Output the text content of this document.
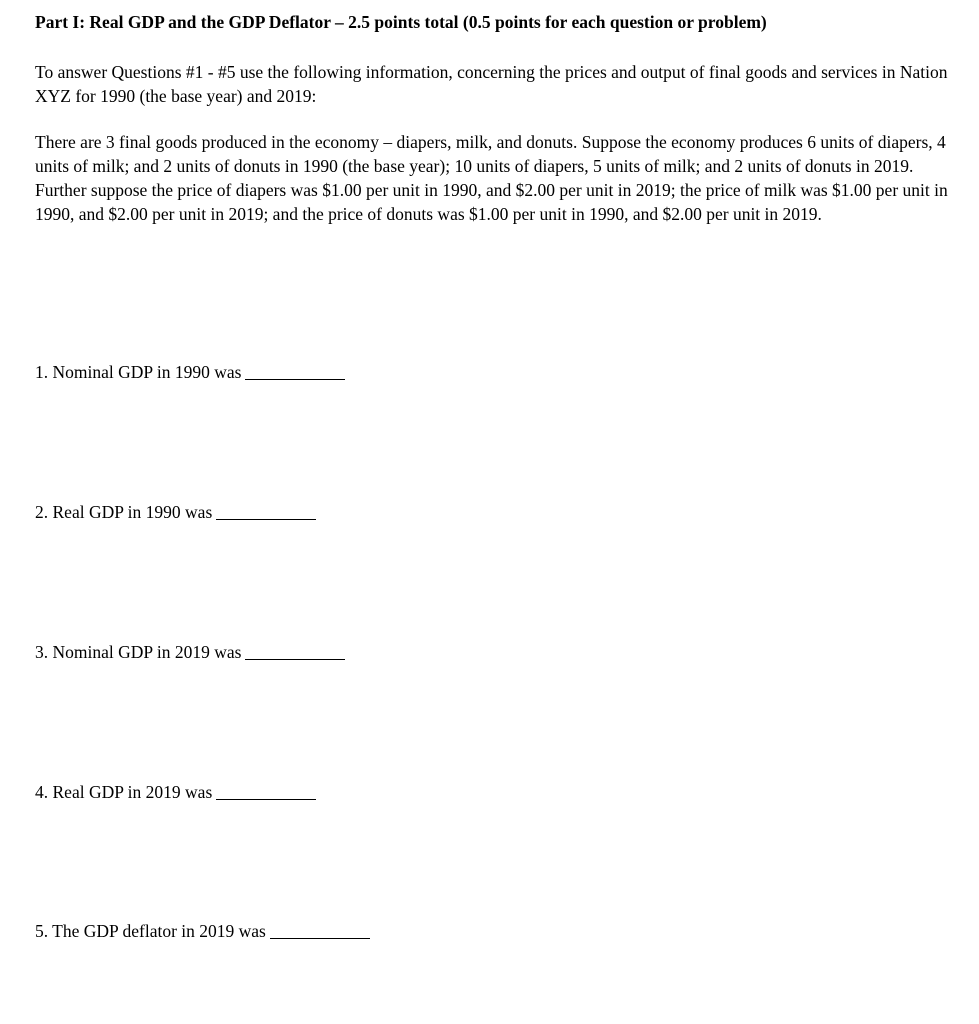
Part I: Real GDP and the GDP Deflator – 2.5 points total (0.5 points for each question or problem)

To answer Questions #1 - #5 use the following information, concerning the prices and output of final goods and services in Nation XYZ for 1990 (the base year) and 2019:

There are 3 final goods produced in the economy – diapers, milk, and donuts. Suppose the economy produces 6 units of diapers, 4 units of milk; and 2 units of donuts in 1990 (the base year); 10 units of diapers, 5 units of milk; and 2 units of donuts in 2019. Further suppose the price of diapers was $1.00 per unit in 1990, and $2.00 per unit in 2019; the price of milk was $1.00 per unit in 1990, and $2.00 per unit in 2019; and the price of donuts was $1.00 per unit in 1990, and $2.00 per unit in 2019.

1. Nominal GDP in 1990 was
2. Real GDP in 1990 was
3. Nominal GDP in 2019 was
4. Real GDP in 2019 was
5. The GDP deflator in 2019 was
